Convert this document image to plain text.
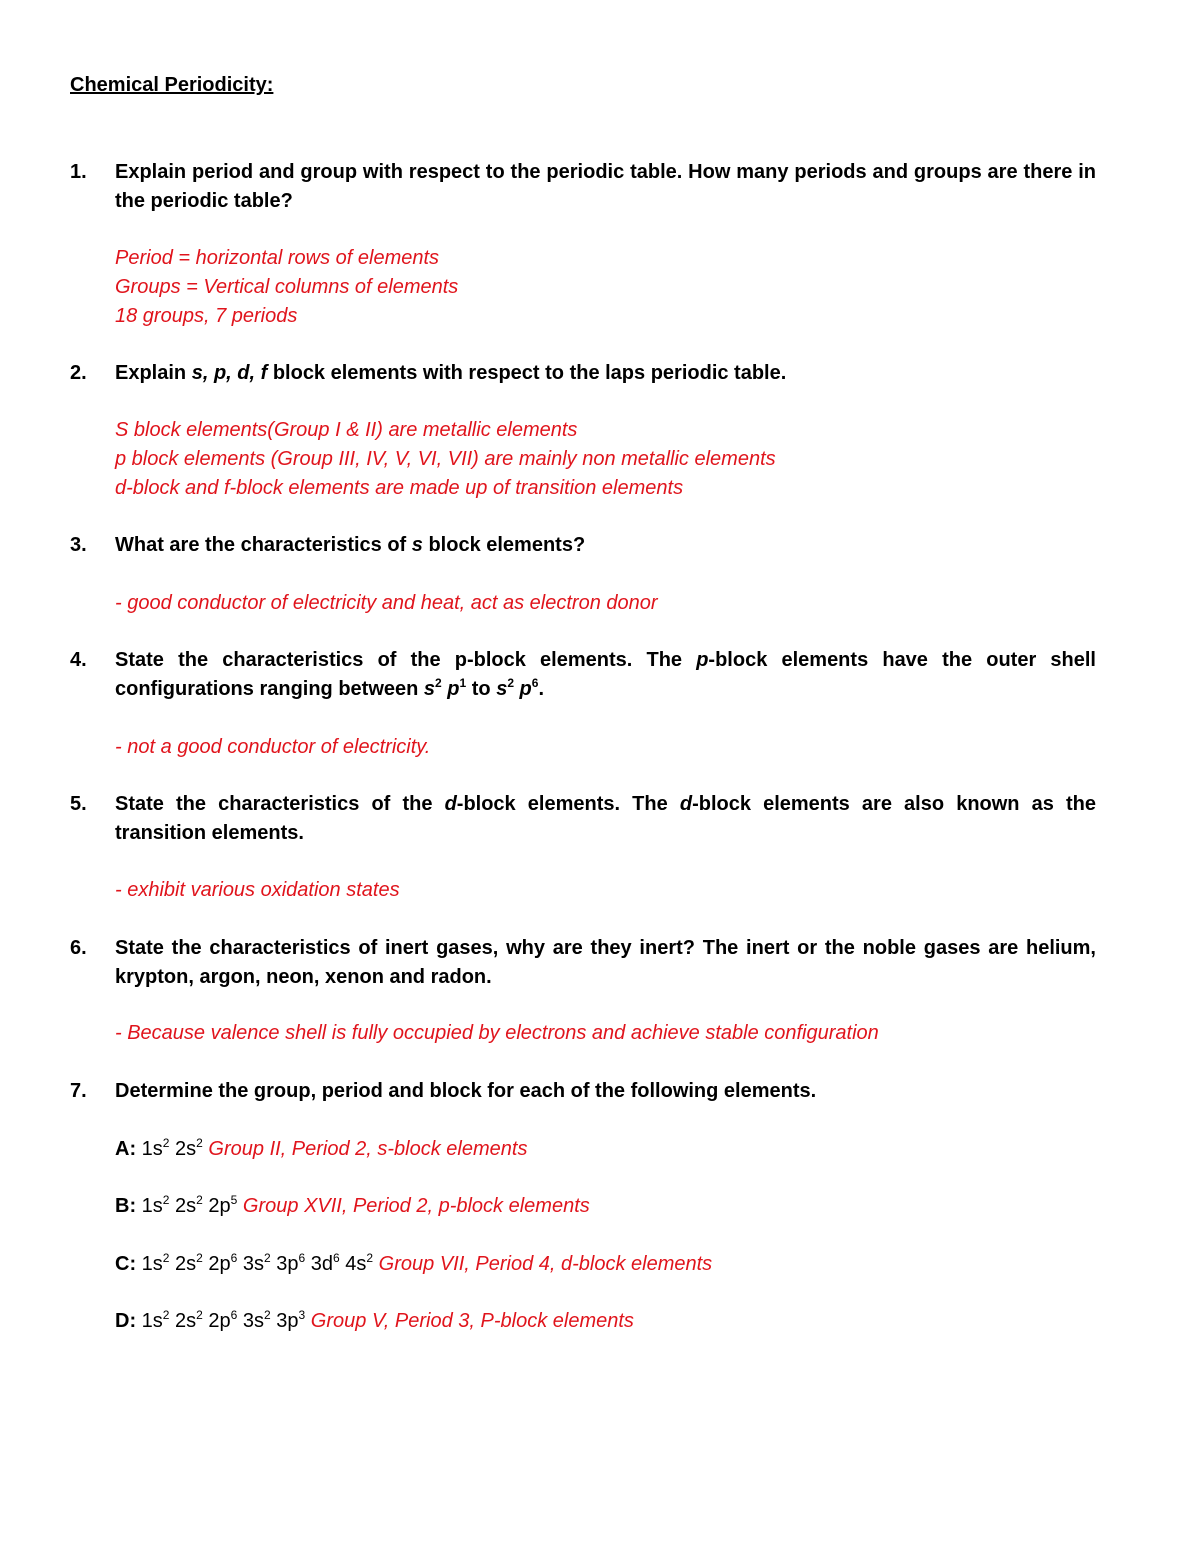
Chemical Periodicity:
1. Explain period and group with respect to the periodic table. How many periods and groups are there in the periodic table?
Period = horizontal rows of elements
Groups = Vertical columns of elements
18 groups, 7 periods
2. Explain s, p, d, f block elements with respect to the laps periodic table.
S block elements(Group I & II) are metallic elements
p block elements (Group III, IV, V, VI, VII) are mainly non metallic elements
d-block and f-block elements are made up of transition elements
3. What are the characteristics of s block elements?
- good conductor of electricity and heat, act as electron donor
4. State the characteristics of the p-block elements. The p-block elements have the outer shell configurations ranging between $s^2$ $p^1$ to $s^2$ $p^6$.
- not a good conductor of electricity.
5. State the characteristics of the d-block elements. The d-block elements are also known as the transition elements.
- exhibit various oxidation states
6. State the characteristics of inert gases, why are they inert? The inert or the noble gases are helium, krypton, argon, neon, xenon and radon.
- Because valence shell is fully occupied by electrons and achieve stable configuration
7. Determine the group, period and block for each of the following elements.
A: $1s^2$ $2s^2$ Group II, Period 2, s-block elements
B: $1s^2$ $2s^2$ $2p^5$ Group XVII, Period 2, p-block elements
C: $1s^2$ $2s^2$ $2p^6$ $3s^2$ $3p^6$ $3d^6$ $4s^2$ Group VII, Period 4, d-block elements
D: $1s^2$ $2s^2$ $2p^6$ $3s^2$ $3p^3$ Group V, Period 3, P-block elements
